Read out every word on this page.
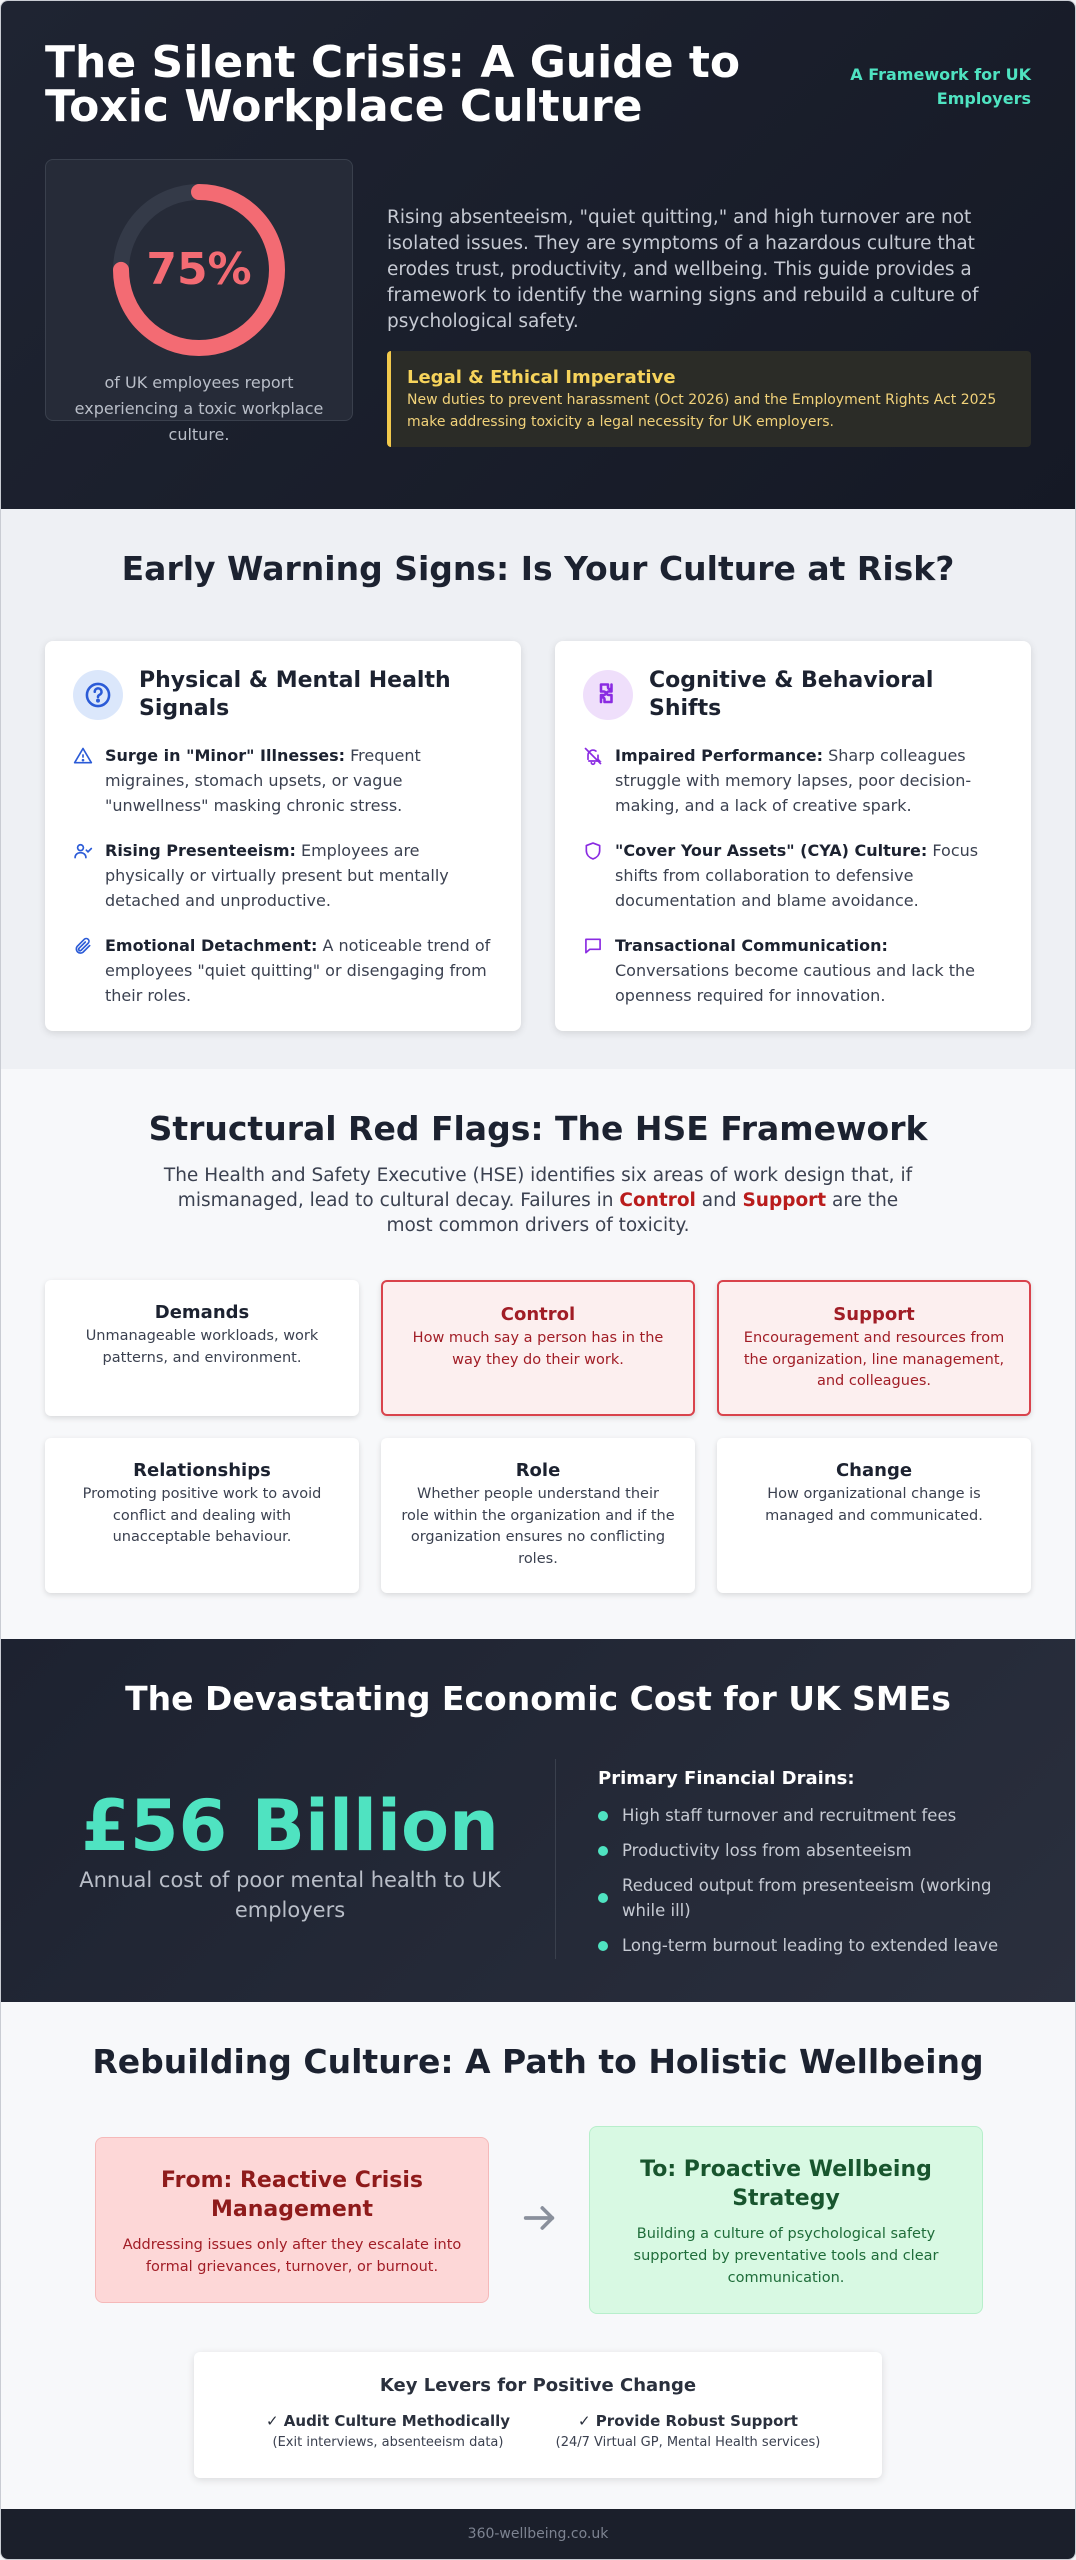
The Silent Crisis: A Guide to Toxic Workplace Culture
A Framework for UK Employers
75%
of UK employees report experiencing a toxic workplace culture.

Rising absenteeism, "quiet quitting," and high turnover are not isolated issues. They are symptoms of a hazardous culture that erodes trust, productivity, and wellbeing. This guide provides a framework to identify the warning signs and rebuild a culture of psychological safety.

Legal & Ethical Imperative
New duties to prevent harassment (Oct 2026) and the Employment Rights Act 2025 make addressing toxicity a legal necessity for UK employers.
Early Warning Signs: Is Your Culture at Risk?
Physical & Mental Health Signals

Surge in "Minor" Illnesses: Frequent migraines, stomach upsets, or vague "unwellness" masking chronic stress.

Rising Presenteeism: Employees are physically or virtually present but mentally detached and unproductive.

Emotional Detachment: A noticeable trend of employees "quiet quitting" or disengaging from their roles.

Cognitive & Behavioral Shifts

Impaired Performance: Sharp colleagues struggle with memory lapses, poor decision-making, and a lack of creative spark.

"Cover Your Assets" (CYA) Culture: Focus shifts from collaboration to defensive documentation and blame avoidance.

Transactional Communication: Conversations become cautious and lack the openness required for innovation.

Structural Red Flags: The HSE Framework

The Health and Safety Executive (HSE) identifies six areas of work design that, if mismanaged, lead to cultural decay. Failures in Control and Support are the most common drivers of toxicity.

Demands
Unmanageable workloads, work patterns, and environment.
Control
How much say a person has in the way they do their work.
Support
Encouragement and resources from the organization, line management, and colleagues.
Relationships
Promoting positive work to avoid conflict and dealing with unacceptable behaviour.
Role
Whether people understand their role within the organization and if the organization ensures no conflicting roles.
Change
How organizational change is managed and communicated.
The Devastating Economic Cost for UK SMEs
£56 Billion
Annual cost of poor mental health to UK employers
Primary Financial Drains:
High staff turnover and recruitment fees
Productivity loss from absenteeism
Reduced output from presenteeism (working while ill)
Long-term burnout leading to extended leave
Rebuilding Culture: A Path to Holistic Wellbeing
From: Reactive Crisis Management
Addressing issues only after they escalate into formal grievances, turnover, or burnout.
To: Proactive Wellbeing Strategy
Building a culture of psychological safety supported by preventative tools and clear communication.
Key Levers for Positive Change
✓ Audit Culture Methodically
(Exit interviews, absenteeism data)
✓ Provide Robust Support
(24/7 Virtual GP, Mental Health services)
360-wellbeing.co.uk
